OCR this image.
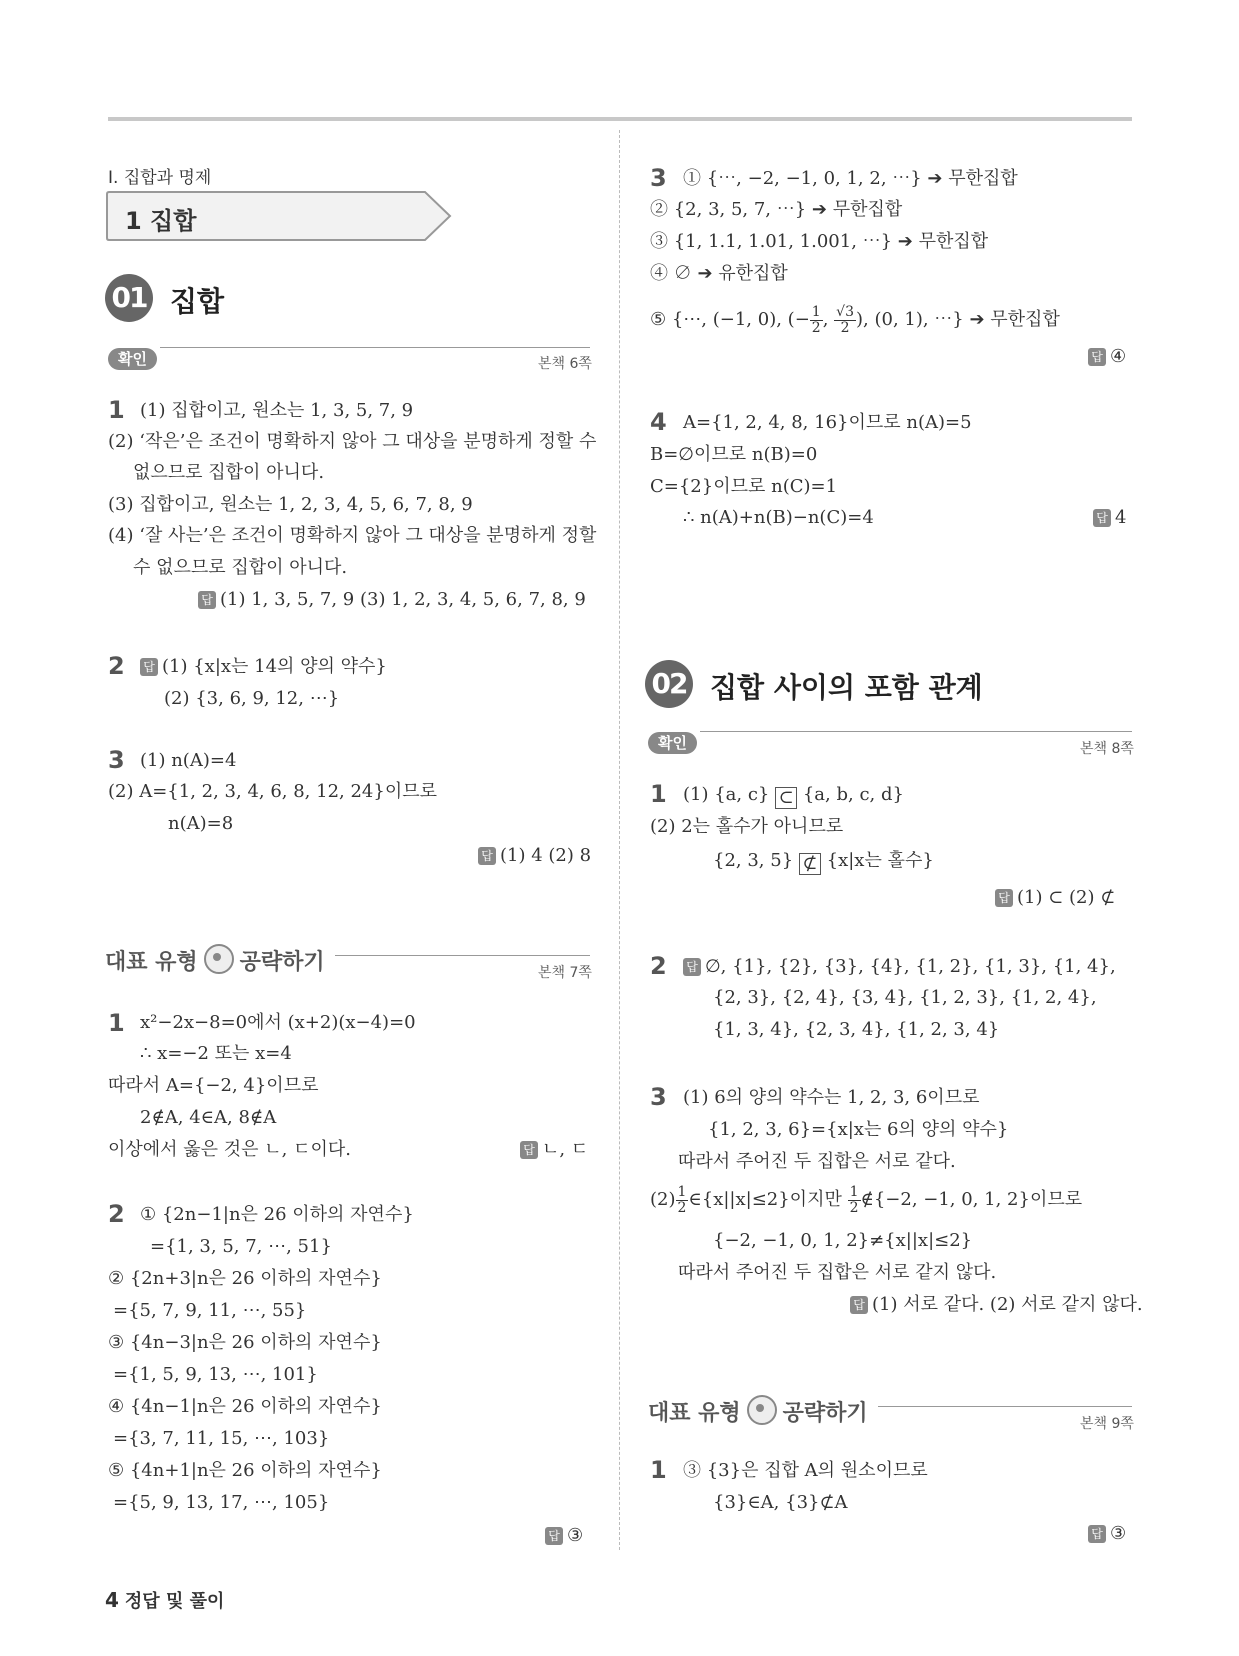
Ⅰ. 집합과 명제
1 집합
01 집합
확인	본책 6쪽
1 (1) 집합이고, 원소는 1, 3, 5, 7, 9
(2) ‘작은’은 조건이 명확하지 않아 그 대상을 분명하게 정할 수
없으므로 집합이 아니다.
(3) 집합이고, 원소는 1, 2, 3, 4, 5, 6, 7, 8, 9
(4) ‘잘 사는’은 조건이 명확하지 않아 그 대상을 분명하게 정할
수 없으므로 집합이 아니다.
답 (1) 1, 3, 5, 7, 9 (3) 1, 2, 3, 4, 5, 6, 7, 8, 9
2 답 (1) {x|x는 14의 양의 약수}
(2) {3, 6, 9, 12, ⋯}
3 (1) n(A)=4
(2) A={1, 2, 3, 4, 6, 8, 12, 24}이므로
n(A)=8
답 (1) 4 (2) 8
대표 유형 공략하기	본책 7쪽
1 x²−2x−8=0에서 (x+2)(x−4)=0
∴ x=−2 또는 x=4
따라서 A={−2, 4}이므로
2∉A, 4∈A, 8∉A
이상에서 옳은 것은 ㄴ, ㄷ이다.	답 ㄴ, ㄷ
2 ① {2n−1|n은 26 이하의 자연수}
={1, 3, 5, 7, ⋯, 51}
② {2n+3|n은 26 이하의 자연수}
={5, 7, 9, 11, ⋯, 55}
③ {4n−3|n은 26 이하의 자연수}
={1, 5, 9, 13, ⋯, 101}
④ {4n−1|n은 26 이하의 자연수}
={3, 7, 11, 15, ⋯, 103}
⑤ {4n+1|n은 26 이하의 자연수}
={5, 9, 13, 17, ⋯, 105}
답 ③
3 ① {⋯, −2, −1, 0, 1, 2, ⋯} ➔ 무한집합
② {2, 3, 5, 7, ⋯} ➔ 무한집합
③ {1, 1.1, 1.01, 1.001, ⋯} ➔ 무한집합
④ ∅ ➔ 유한집합
⑤ {⋯, (−1, 0), (− $\frac{1}{2}$ , $\frac{√3}{2}$ ), (0, 1), ⋯} ➔ 무한집합
답 ④
4 A={1, 2, 4, 8, 16}이므로 n(A)=5
B=∅이므로 n(B)=0
C={2}이므로 n(C)=1
∴ n(A)+n(B)−n(C)=4	답 4
02 집합 사이의 포함 관계
확인	본책 8쪽
1 (1) {a, c} ⊂ {a, b, c, d}
(2) 2는 홀수가 아니므로
{2, 3, 5} ⊄ {x|x는 홀수}
답 (1) ⊂ (2) ⊄
2 답 ∅, {1}, {2}, {3}, {4}, {1, 2}, {1, 3}, {1, 4},
{2, 3}, {2, 4}, {3, 4}, {1, 2, 3}, {1, 2, 4},
{1, 3, 4}, {2, 3, 4}, {1, 2, 3, 4}
3 (1) 6의 양의 약수는 1, 2, 3, 6이므로
{1, 2, 3, 6}={x|x는 6의 양의 약수}
따라서 주어진 두 집합은 서로 같다.
$(2) \frac{1}{2}$ ∈{x||x|≤2}이지만 $\frac{1}{2}$ ∉{−2, −1, 0, 1, 2}이므로
{−2, −1, 0, 1, 2}≠{x||x|≤2}
따라서 주어진 두 집합은 서로 같지 않다.
답 (1) 서로 같다. (2) 서로 같지 않다.
대표 유형 공략하기	본책 9쪽
1 ③ {3}은 집합 A의 원소이므로
{3}∈A, {3}⊄A
답 ③
4 정답 및 풀이
